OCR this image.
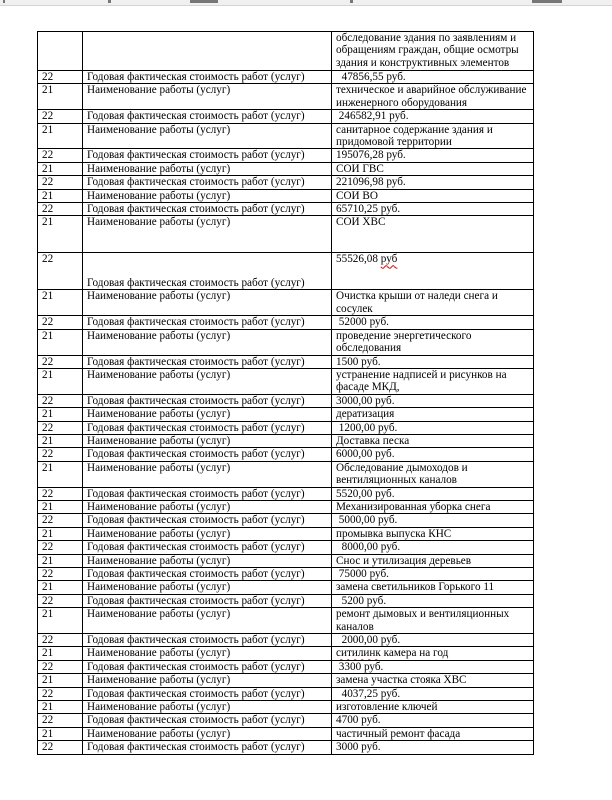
		обследование здания по заявлениям и обращениям граждан, общие осмотры здания и конструктивных элементов
22	Годовая фактическая стоимость работ (услуг)	47856,55 руб.
21	Наименование работы (услуг)	техническое и аварийное обслуживание инженерного оборудования
22	Годовая фактическая стоимость работ (услуг)	246582,91 руб.
21	Наименование работы (услуг)	санитарное содержание здания и придомовой территории
22	Годовая фактическая стоимость работ (услуг)	195076,28 руб.
21	Наименование работы (услуг)	СОИ ГВС
22	Годовая фактическая стоимость работ (услуг)	221096,98 руб.
21	Наименование работы (услуг)	СОИ ВО
22	Годовая фактическая стоимость работ (услуг)	65710,25 руб.
21	Наименование работы (услуг)	СОИ ХВС
22	Годовая фактическая стоимость работ (услуг)	55526,08 руб
21	Наименование работы (услуг)	Очистка крыши от наледи снега и сосулек
22	Годовая фактическая стоимость работ (услуг)	52000 руб.
21	Наименование работы (услуг)	проведение энергетического обследования
22	Годовая фактическая стоимость работ (услуг)	1500 руб.
21	Наименование работы (услуг)	устранение надписей и рисунков на фасаде МКД,
22	Годовая фактическая стоимость работ (услуг)	3000,00 руб.
21	Наименование работы (услуг)	дератизация
22	Годовая фактическая стоимость работ (услуг)	1200,00 руб.
21	Наименование работы (услуг)	Доставка песка
22	Годовая фактическая стоимость работ (услуг)	6000,00 руб.
21	Наименование работы (услуг)	Обследование дымоходов и вентиляционных каналов
22	Годовая фактическая стоимость работ (услуг)	5520,00 руб.
21	Наименование работы (услуг)	Механизированная уборка снега
22	Годовая фактическая стоимость работ (услуг)	5000,00 руб.
21	Наименование работы (услуг)	промывка выпуска КНС
22	Годовая фактическая стоимость работ (услуг)	8000,00 руб.
21	Наименование работы (услуг)	Снос и утилизация деревьев
22	Годовая фактическая стоимость работ (услуг)	75000 руб.
21	Наименование работы (услуг)	замена светильников Горького 11
22	Годовая фактическая стоимость работ (услуг)	5200 руб.
21	Наименование работы (услуг)	ремонт дымовых и вентиляционных каналов
22	Годовая фактическая стоимость работ (услуг)	2000,00 руб.
21	Наименование работы (услуг)	ситилинк камера на год
22	Годовая фактическая стоимость работ (услуг)	3300 руб.
21	Наименование работы (услуг)	замена участка стояка ХВС
22	Годовая фактическая стоимость работ (услуг)	4037,25 руб.
21	Наименование работы (услуг)	изготовление ключей
22	Годовая фактическая стоимость работ (услуг)	4700 руб.
21	Наименование работы (услуг)	частичный ремонт фасада
22	Годовая фактическая стоимость работ (услуг)	3000 руб.
